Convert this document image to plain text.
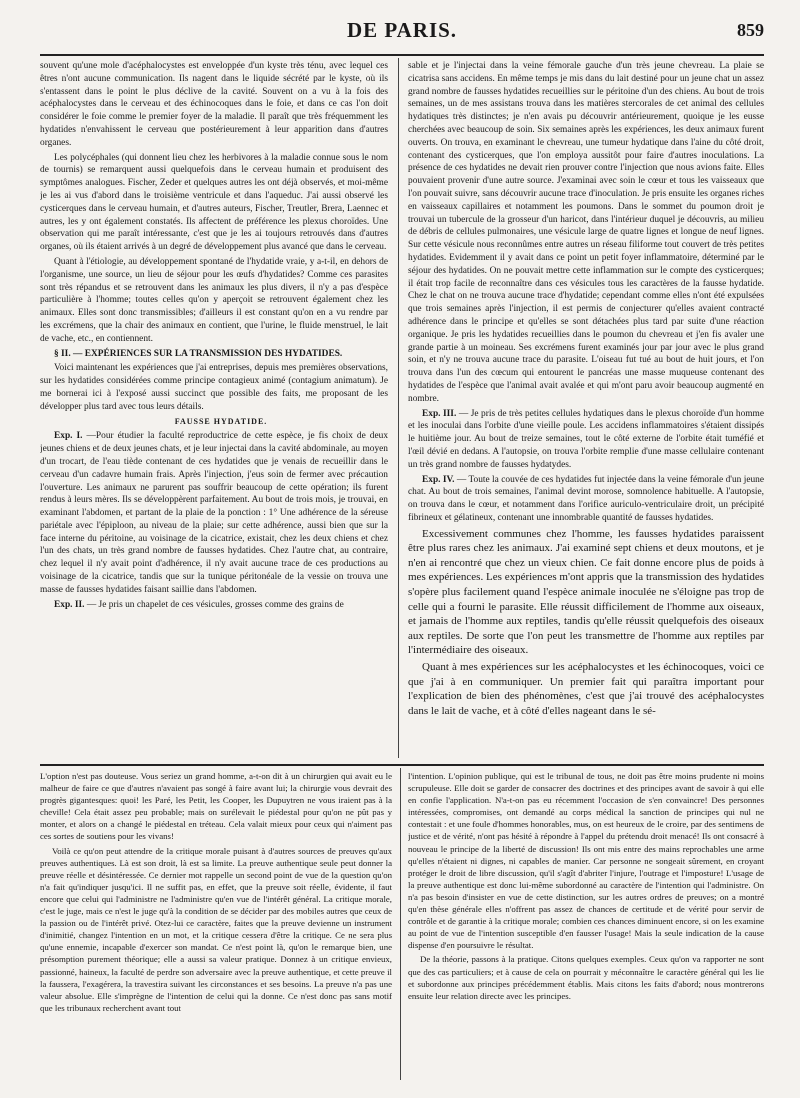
DE PARIS.	859

souvent qu'une mole d'acéphalocystes est enveloppée d'un kyste très ténu, avec lequel ces êtres n'ont aucune communication. Ils nagent dans le liquide sécrété par le kyste, où ils s'entassent dans le point le plus déclive de la cavité. Souvent on a vu à la fois des acéphalocystes dans le cerveau et des échinocoques dans le foie, et dans ce cas l'on doit considérer le foie comme le premier foyer de la maladie. Il paraît que très fréquemment les hydatides n'envahissent le cerveau que postérieurement à leur apparition dans d'autres organes.

Les polycéphales (qui donnent lieu chez les herbivores à la maladie connue sous le nom de tournis) se remarquent aussi quelquefois dans le cerveau humain et produisent des symptômes analogues. Fischer, Zeder et quelques autres les ont déjà observés, et moi-même je les ai vus d'abord dans le troisième ventricule et dans l'aqueduc. J'ai aussi observé les cysticerques dans le cerveau humain, et d'autres auteurs, Fischer, Treutler, Brera, Laennec et autres, les y ont également constatés. Ils affectent de préférence les plexus choroïdes. Une observation qui me paraît intéressante, c'est que je les ai toujours retrouvés dans d'autres organes, où ils étaient arrivés à un degré de développement plus avancé que dans le cerveau.

Quant à l'étiologie, au développement spontané de l'hydatide vraie, y a-t-il, en dehors de l'organisme, une source, un lieu de séjour pour les œufs d'hydatides? Comme ces parasites sont très répandus et se retrouvent dans les animaux les plus divers, il n'y a pas d'espèce particulière à l'homme; toutes celles qu'on y aperçoit se retrouvent également chez les animaux. Elles sont donc transmissibles; d'ailleurs il est constant qu'on en a vu rendre par les excrémens, que la chair des animaux en contient, que l'urine, le fluide menstruel, le lait de vache, etc., en contiennent.

§ II. — EXPÉRIENCES SUR LA TRANSMISSION DES HYDATIDES.

Voici maintenant les expériences que j'ai entreprises, depuis mes premières observations, sur les hydatides considérées comme principe contagieux animé (contagium animatum). Je me bornerai ici à l'exposé aussi succinct que possible des faits, me proposant de les développer plus tard avec tous leurs détails.

FAUSSE HYDATIDE.

Exp. I. —Pour étudier la faculté reproductrice de cette espèce, je fis choix de deux jeunes chiens et de deux jeunes chats, et je leur injectai dans la cavité abdominale, au moyen d'un trocart, de l'eau tiède contenant de ces hydatides que je venais de recueillir dans le cerveau d'un cadavre humain frais. Après l'injection, j'eus soin de fermer avec précaution l'ouverture. Les animaux ne parurent pas souffrir beaucoup de cette opération; ils furent rendus à leurs mères. Ils se développèrent parfaitement. Au bout de trois mois, je trouvai, en examinant l'abdomen, et partant de la plaie de la ponction : 1° Une adhérence de la séreuse pariétale avec l'épiploon, au niveau de la plaie; sur cette adhérence, aussi bien que sur la face interne du péritoine, au voisinage de la cicatrice, existait, chez les deux chiens et chez l'un des chats, un très grand nombre de fausses hydatides. Chez l'autre chat, au contraire, chez lequel il n'y avait point d'adhérence, il n'y avait aucune trace de ces productions au voisinage de la cicatrice, tandis que sur la tunique péritonéale de la vessie on trouva une masse de fausses hydatides faisant saillie dans l'abdomen.

Exp. II. — Je pris un chapelet de ces vésicules, grosses comme des grains de

sable et je l'injectai dans la veine fémorale gauche d'un très jeune chevreau. La plaie se cicatrisa sans accidens. En même temps je mis dans du lait destiné pour un jeune chat un assez grand nombre de fausses hydatides recueillies sur le péritoine d'un des chiens. Au bout de trois semaines, un de mes assistans trouva dans les matières stercorales de cet animal des cellules hydatiques très distinctes; je n'en avais pu découvrir antérieurement, quoique je les eusse cherchées avec beaucoup de soin. Six semaines après les expériences, les deux animaux furent ouverts. On trouva, en examinant le chevreau, une tumeur hydatique dans l'aine du côté droit, contenant des cysticerques, que l'on employa aussitôt pour faire d'autres inoculations. La présence de ces hydatides ne devait rien prouver contre l'injection que nous avions faite. Elles pouvaient provenir d'une autre source. J'examinai avec soin le cœur et tous les vaisseaux que l'on pouvait suivre, sans découvrir aucune trace d'inoculation. Je pris ensuite les organes riches en vaisseaux capillaires et notamment les poumons. Dans le sommet du poumon droit je trouvai un tubercule de la grosseur d'un haricot, dans l'intérieur duquel je découvris, au milieu de débris de cellules pulmonaires, une vésicule large de quatre lignes et longue de neuf lignes. Sur cette vésicule nous reconnûmes entre autres un réseau filiforme tout couvert de très petites hydatides. Evidemment il y avait dans ce point un petit foyer inflammatoire, déterminé par le séjour des hydatides. On ne pouvait mettre cette inflammation sur le compte des cysticerques; il était trop facile de reconnaître dans ces vésicules tous les caractères de la fausse hydatide. Chez le chat on ne trouva aucune trace d'hydatide; cependant comme elles n'ont été expulsées que trois semaines après l'injection, il est permis de conjecturer qu'elles avaient contracté adhérence dans le principe et qu'elles se sont détachées plus tard par suite d'une réaction organique. Je pris les hydatides recueillies dans le poumon du chevreau et j'en fis avaler une grande partie à un moineau. Ses excrémens furent examinés jour par jour avec le plus grand soin, et n'y ne trouva aucune trace du parasite. L'oiseau fut tué au bout de huit jours, et l'on trouva dans l'un des cœcum qui entourent le pancréas une masse muqueuse contenant des hydatides de l'espèce que l'animal avait avalée et qui m'ont paru avoir beaucoup augmenté en nombre.

Exp. III. — Je pris de très petites cellules hydatiques dans le plexus choroïde d'un homme et les inoculai dans l'orbite d'une vieille poule. Les accidens inflammatoires s'étaient dissipés le huitième jour. Au bout de treize semaines, tout le côté externe de l'orbite était tuméfié et l'œil dévié en dedans. A l'autopsie, on trouva l'orbite remplie d'une masse cellulaire contenant un très grand nombre de fausses hydatydes.

Exp. IV. — Toute la couvée de ces hydatides fut injectée dans la veine fémorale d'un jeune chat. Au bout de trois semaines, l'animal devint morose, somnolence habituelle. A l'autopsie, on trouva dans le cœur, et notamment dans l'orifice auriculo-ventriculaire droit, un précipité fibrineux et gélatineux, contenant une innombrable quantité de fausses hydatides.

Excessivement communes chez l'homme, les fausses hydatides paraissent être plus rares chez les animaux. J'ai examiné sept chiens et deux moutons, et je n'en ai rencontré que chez un vieux chien. Ce fait donne encore plus de poids à mes expériences. Les expériences m'ont appris que la transmission des hydatides s'opère plus facilement quand l'espèce animale inoculée ne s'éloigne pas trop de celle qui a fourni le parasite. Elle réussit difficilement de l'homme aux oiseaux, et jamais de l'homme aux reptiles, tandis qu'elle réussit quelquefois des oiseaux aux reptiles. De sorte que l'on peut les transmettre de l'homme aux reptiles par l'intermédiaire des oiseaux.

Quant à mes expériences sur les acéphalocystes et les échinocoques, voici ce que j'ai à en communiquer. Un premier fait qui paraîtra important pour l'explication de bien des phénomènes, c'est que j'ai trouvé des acéphalocystes dans le lait de vache, et à côté d'elles nageant dans le sé-

L'option n'est pas douteuse. Vous seriez un grand homme, a-t-on dit à un chirurgien qui avait eu le malheur de faire ce que d'autres n'avaient pas songé à faire avant lui; la chirurgie vous devrait des progrès gigantesques: quoi! les Paré, les Petit, les Cooper, les Dupuytren ne vous iraient pas à la cheville! Cela était assez peu probable; mais on surélevait le piédestal pour qu'on ne pût pas y monter, et alors on a changé le piédestal en tréteau. Cela valait mieux pour ceux qui n'aiment pas ces sortes de soutiens pour les vivans!

Voilà ce qu'on peut attendre de la critique morale puisant à d'autres sources de preuves qu'aux preuves authentiques. Là est son droit, là est sa limite. La preuve authentique seule peut donner la preuve réelle et désintéressée. Ce dernier mot rappelle un second point de vue de la question qu'on n'a fait qu'indiquer jusqu'ici. Il ne suffit pas, en effet, que la preuve soit réelle, évidente, il faut encore que celui qui l'administre ne l'administre qu'en vue de l'intérêt général. La critique morale, c'est le juge, mais ce n'est le juge qu'à la condition de se décider par des mobiles autres que ceux de la passion ou de l'intérêt privé. Otez-lui ce caractère, faites que la preuve devienne un instrument d'inimitié, changez l'intention en un mot, et la critique cessera d'être la critique. Ce ne sera plus qu'une ennemie, incapable d'exercer son mandat. Ce n'est point là, qu'on le remarque bien, une présomption purement théorique; elle a aussi sa valeur pratique. Donnez à un critique envieux, passionné, haineux, la faculté de perdre son adversaire avec la preuve authentique, et cette preuve il la faussera, l'exagérera, la travestira suivant les circonstances et ses besoins. La preuve n'a pas une valeur absolue. Elle s'imprègne de l'intention de celui qui la donne. Ce n'est donc pas sans motif que les tribunaux recherchent avant tout

l'intention. L'opinion publique, qui est le tribunal de tous, ne doit pas être moins prudente ni moins scrupuleuse. Elle doit se garder de consacrer des doctrines et des principes avant de savoir à qui elle en confie l'application. N'a-t-on pas eu récemment l'occasion de s'en convaincre! Des personnes intéressées, compromises, ont demandé au corps médical la sanction de principes qui nul ne contestait : et une foule d'hommes honorables, mus, on est heureux de le croire, par des sentimens de justice et de vérité, n'ont pas hésité à répondre à l'appel du prétendu droit menacé! Ils ont consacré à nouveau le principe de la liberté de discussion! Ils ont mis entre des mains reprochables une arme qu'elles n'étaient ni dignes, ni capables de manier. Car personne ne songeait sûrement, en croyant protéger le droit de libre discussion, qu'il s'agît d'abriter l'injure, l'outrage et l'imposture! L'usage de la preuve authentique est donc lui-même subordonné au caractère de l'intention qui l'administre. On n'a pas besoin d'insister en vue de cette distinction, sur les autres ordres de preuves; on a montré qu'en thèse générale elles n'offrent pas assez de chances de certitude et de vérité pour servir de contrôle et de garantie à la critique morale; combien ces chances diminuent encore, si on les examine au point de vue de l'intention susceptible d'en fausser l'usage! Mais la seule indication de la cause dispense d'en poursuivre le résultat.

De la théorie, passons à la pratique. Citons quelques exemples. Ceux qu'on va rapporter ne sont que des cas particuliers; et à cause de cela on pourrait y méconnaître le caractère général qui les lie et subordonne aux principes précédemment établis. Mais citons les faits d'abord; nous montrerons ensuite leur relation directe avec les principes.
